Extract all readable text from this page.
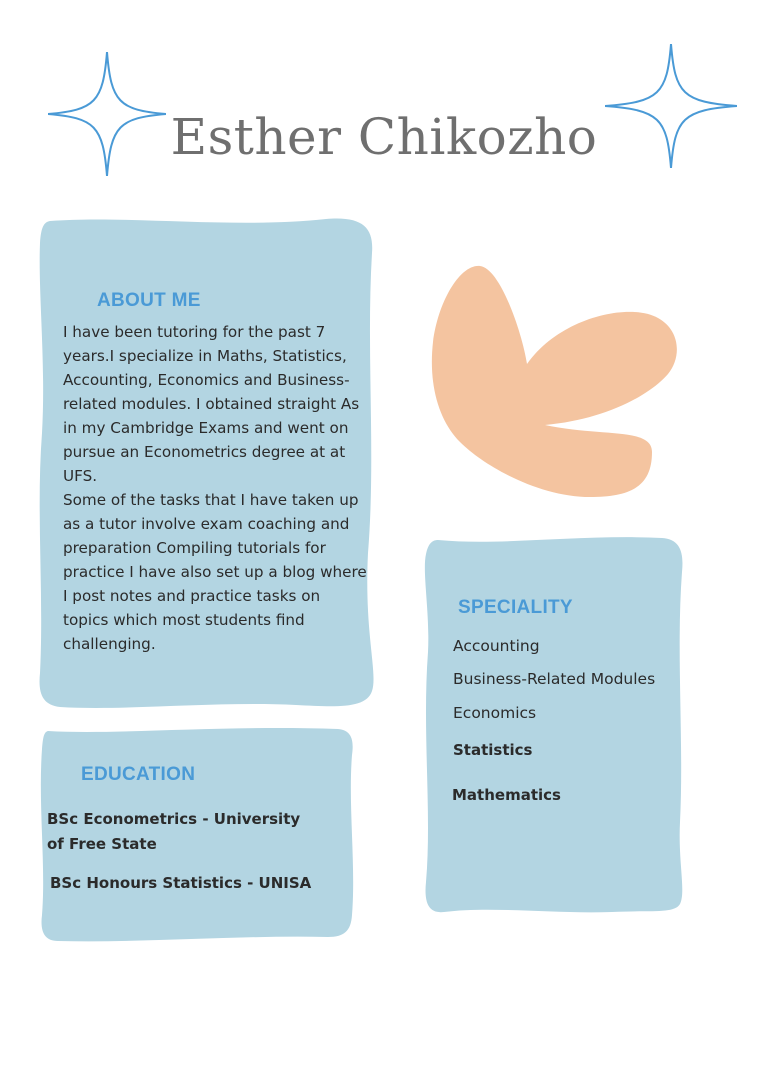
Esther Chikozho
ABOUT ME

I have been tutoring for the past 7 years.I specialize in Maths, Statistics, Accounting, Economics and Business-related modules. I obtained straight As in my Cambridge Exams and went on pursue an Econometrics degree at at UFS.

Some of the tasks that I have taken up as a tutor involve exam coaching and preparation Compiling tutorials for practice I have also set up a blog where I post notes and practice tasks on topics which most students find challenging.

SPECIALITY
Accounting
Business-Related Modules
Economics
Statistics
Mathematics
EDUCATION
BSc Econometrics - University of Free State
BSc Honours Statistics - UNISA
